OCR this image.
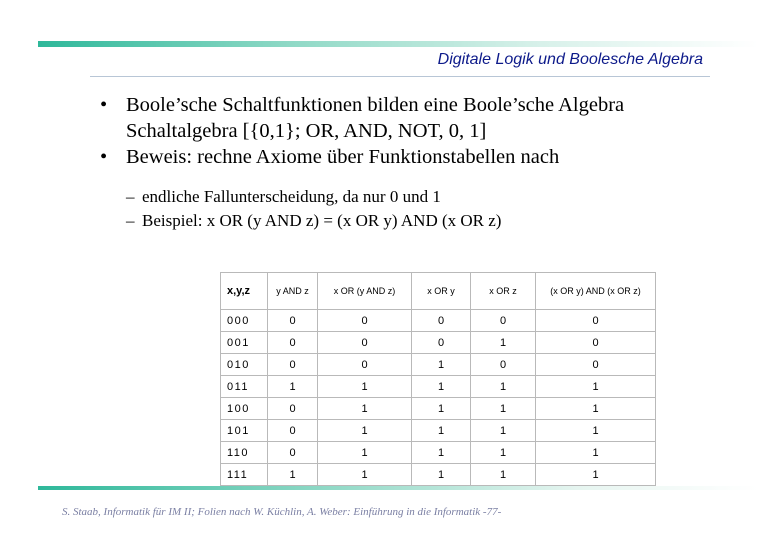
Digitale Logik und Boolesche Algebra
• Boole’sche Schaltfunktionen bilden eine Boole’sche Algebra
Schaltalgebra [{0,1}; OR, AND, NOT, 0, 1]
• Beweis: rechne Axiome über Funktionstabellen nach
– endliche Fallunterscheidung, da nur 0 und 1
– Beispiel: x OR (y AND z) = (x OR y) AND (x OR z)
x,y,z	y AND z	x OR (y AND z)	x OR y	x OR z	(x OR y) AND (x OR z)
000	0	0	0	0	0
001	0	0	0	1	0
010	0	0	1	0	0
011	1	1	1	1	1
100	0	1	1	1	1
101	0	1	1	1	1
110	0	1	1	1	1
111	1	1	1	1	1
S. Staab, Informatik für IM II; Folien nach W. Küchlin, A. Weber: Einführung in die Informatik -77-
